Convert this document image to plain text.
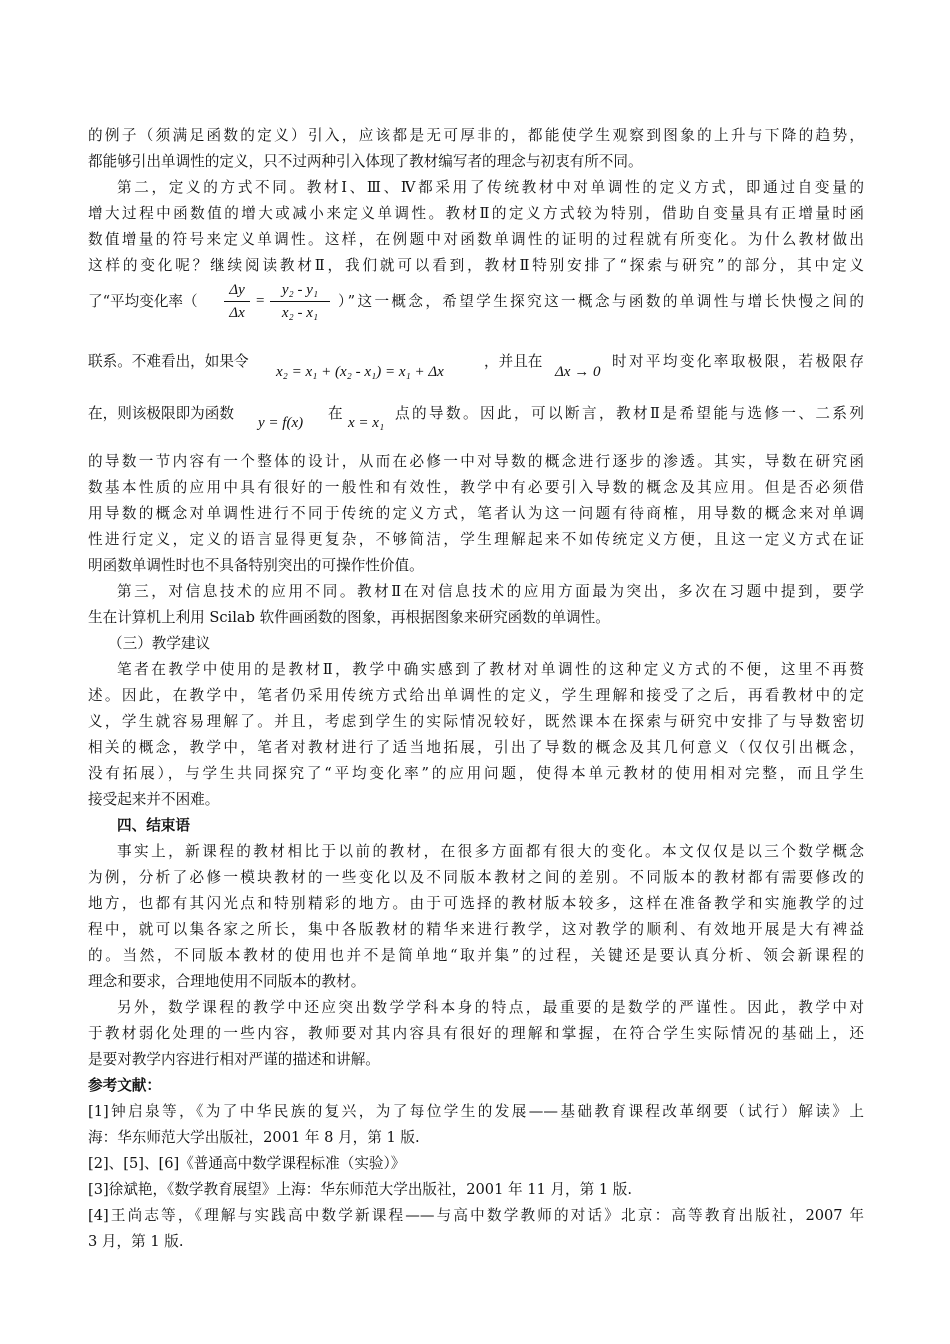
的例子（须满足函数的定义）引入，应该都是无可厚非的，都能使学生观察到图象的上升与下降的趋势，
都能够引出单调性的定义，只不过两种引入体现了教材编写者的理念与初衷有所不同。
第二，定义的方式不同。教材Ⅰ、Ⅲ、Ⅳ都采用了传统教材中对单调性的定义方式，即通过自变量的
增大过程中函数值的增大或减小来定义单调性。教材Ⅱ的定义方式较为特别，借助自变量具有正增量时函
数值增量的符号来定义单调性。这样，在例题中对函数单调性的证明的过程就有所变化。为什么教材做出
这样的变化呢？继续阅读教材Ⅱ，我们就可以看到，教材Ⅱ特别安排了“探索与研究”的部分，其中定义
了“平均变化率（
Δy
Δx
=
y₂ - y₁
x₂ - x₁
）”这一概念，希望学生探究这一概念与函数的单调性与增长快慢之间的
联系。不难看出，如果令
x₂ = x₁ + (x₂ - x₁) = x₁ + Δx
，并且在
Δx → 0
时对平均变化率取极限，若极限存
在，则该极限即为函数
y = f(x)
在
x = x₁
点的导数。因此，可以断言，教材Ⅱ是希望能与选修一、二系列
的导数一节内容有一个整体的设计，从而在必修一中对导数的概念进行逐步的渗透。其实，导数在研究函
数基本性质的应用中具有很好的一般性和有效性，教学中有必要引入导数的概念及其应用。但是否必须借
用导数的概念对单调性进行不同于传统的定义方式，笔者认为这一问题有待商榷，用导数的概念来对单调
性进行定义，定义的语言显得更复杂，不够简洁，学生理解起来不如传统定义方便，且这一定义方式在证
明函数单调性时也不具备特别突出的可操作性价值。
第三，对信息技术的应用不同。教材Ⅱ在对信息技术的应用方面最为突出，多次在习题中提到，要学
生在计算机上利用 Scilab 软件画函数的图象，再根据图象来研究函数的单调性。
（三）教学建议
笔者在教学中使用的是教材Ⅱ，教学中确实感到了教材对单调性的这种定义方式的不便，这里不再赘
述。因此，在教学中，笔者仍采用传统方式给出单调性的定义，学生理解和接受了之后，再看教材中的定
义，学生就容易理解了。并且，考虑到学生的实际情况较好，既然课本在探索与研究中安排了与导数密切
相关的概念，教学中，笔者对教材进行了适当地拓展，引出了导数的概念及其几何意义（仅仅引出概念，
没有拓展），与学生共同探究了“平均变化率”的应用问题，使得本单元教材的使用相对完整，而且学生
接受起来并不困难。
四、结束语
事实上，新课程的教材相比于以前的教材，在很多方面都有很大的变化。本文仅仅是以三个数学概念
为例，分析了必修一模块教材的一些变化以及不同版本教材之间的差别。不同版本的教材都有需要修改的
地方，也都有其闪光点和特别精彩的地方。由于可选择的教材版本较多，这样在准备教学和实施教学的过
程中，就可以集各家之所长，集中各版教材的精华来进行教学，这对教学的顺利、有效地开展是大有裨益
的。当然，不同版本教材的使用也并不是简单地“取并集”的过程，关键还是要认真分析、领会新课程的
理念和要求，合理地使用不同版本的教材。
另外，数学课程的教学中还应突出数学学科本身的特点，最重要的是数学的严谨性。因此，教学中对
于教材弱化处理的一些内容，教师要对其内容具有很好的理解和掌握，在符合学生实际情况的基础上，还
是要对教学内容进行相对严谨的描述和讲解。
参考文献：
[1]钟启泉等，《为了中华民族的复兴，为了每位学生的发展——基础教育课程改革纲要（试行）解读》上
海：华东师范大学出版社，2001 年 8 月，第 1 版.
[2]、[5]、[6]《普通高中数学课程标准（实验）》
[3]徐斌艳，《数学教育展望》上海：华东师范大学出版社，2001 年 11 月，第 1 版.
[4]王尚志等，《理解与实践高中数学新课程——与高中数学教师的对话》北京：高等教育出版社，2007 年
3 月，第 1 版.
